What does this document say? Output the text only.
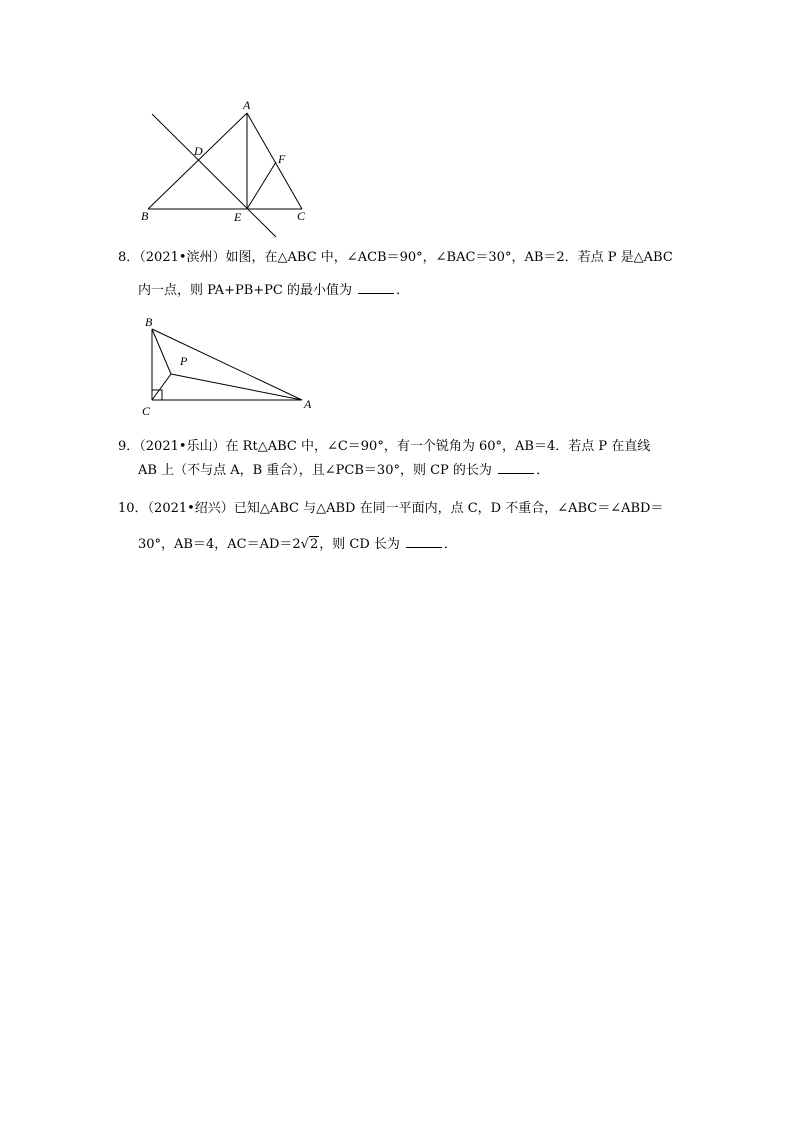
A
B	C
D
E
F
8．（2021•滨州）如图，在△ABC 中，∠ACB＝90°，∠BAC＝30°，AB＝2．若点 P 是△ABC
内一点，则 PA+PB+PC 的最小值为	．
B
C	A
P
9．（2021•乐山）在 Rt△ABC 中，∠C＝90°，有一个锐角为 60°，AB＝4．若点 P 在直线
AB 上（不与点 A，B 重合），且∠PCB＝30°，则 CP 的长为	．
10．（2021•绍兴）已知△ABC 与△ABD 在同一平面内，点 C，D 不重合，∠ABC＝∠ABD＝
30°，AB＝4，AC＝AD＝2√2，则 CD 长为	．
